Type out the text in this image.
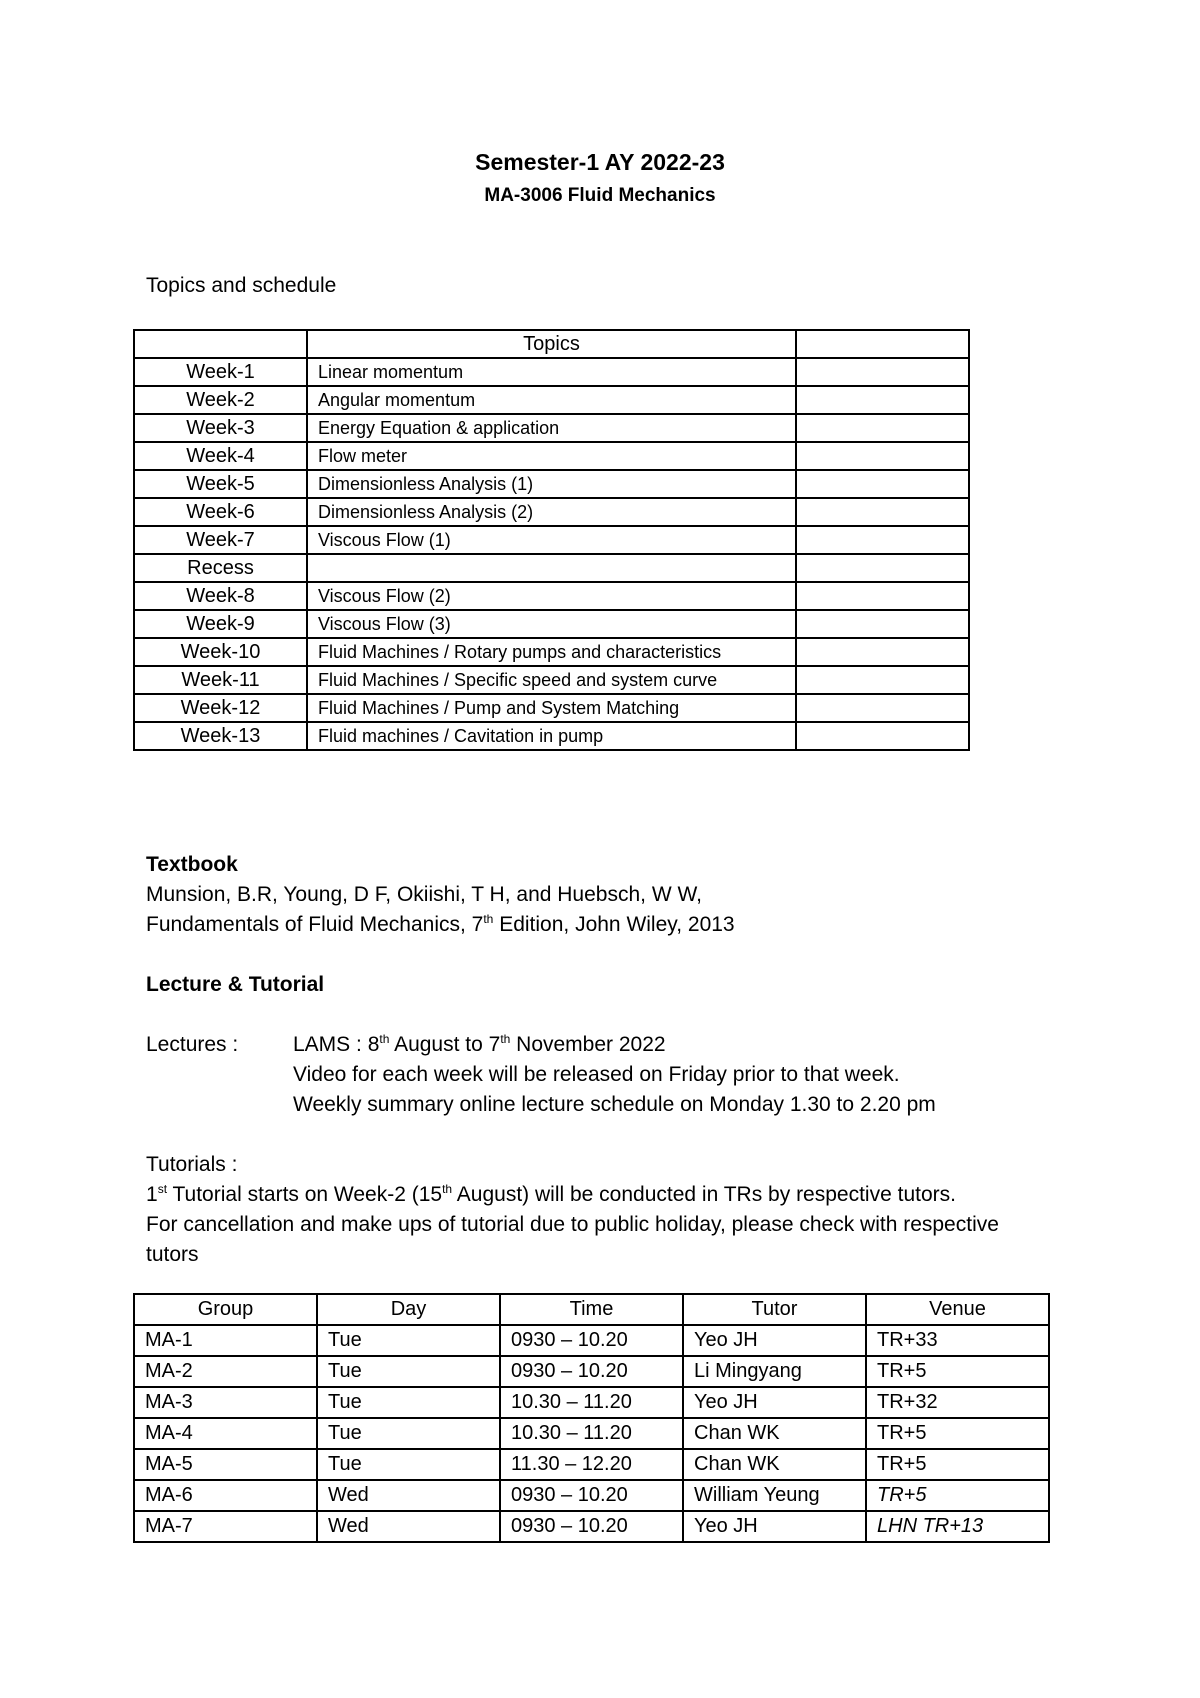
Semester-1 AY 2022-23
MA-3006 Fluid Mechanics
Topics and schedule
	Topics	
Week-1	Linear momentum	
Week-2	Angular momentum	
Week-3	Energy Equation & application	
Week-4	Flow meter	
Week-5	Dimensionless Analysis (1)	
Week-6	Dimensionless Analysis (2)	
Week-7	Viscous Flow (1)	
Recess		
Week-8	Viscous Flow (2)	
Week-9	Viscous Flow (3)	
Week-10	Fluid Machines / Rotary pumps and characteristics	
Week-11	Fluid Machines / Specific speed and system curve	
Week-12	Fluid Machines / Pump and System Matching	
Week-13	Fluid machines / Cavitation in pump	
Textbook
Munsion, B.R, Young, D F, Okiishi, T H, and Huebsch, W W,
Fundamentals of Fluid Mechanics, 7th Edition, John Wiley, 2013
Lecture & Tutorial
Lectures :	LAMS : 8th August to 7th November 2022
Video for each week will be released on Friday prior to that week.
Weekly summary online lecture schedule on Monday 1.30 to 2.20 pm
Tutorials :
1st Tutorial starts on Week-2 (15th August) will be conducted in TRs by respective tutors.
For cancellation and make ups of tutorial due to public holiday, please check with respective
tutors
Group	Day	Time	Tutor	Venue
MA-1	Tue	0930 – 10.20	Yeo JH	TR+33
MA-2	Tue	0930 – 10.20	Li Mingyang	TR+5
MA-3	Tue	10.30 – 11.20	Yeo JH	TR+32
MA-4	Tue	10.30 – 11.20	Chan WK	TR+5
MA-5	Tue	11.30 – 12.20	Chan WK	TR+5
MA-6	Wed	0930 – 10.20	William Yeung	TR+5
MA-7	Wed	0930 – 10.20	Yeo JH	LHN TR+13
